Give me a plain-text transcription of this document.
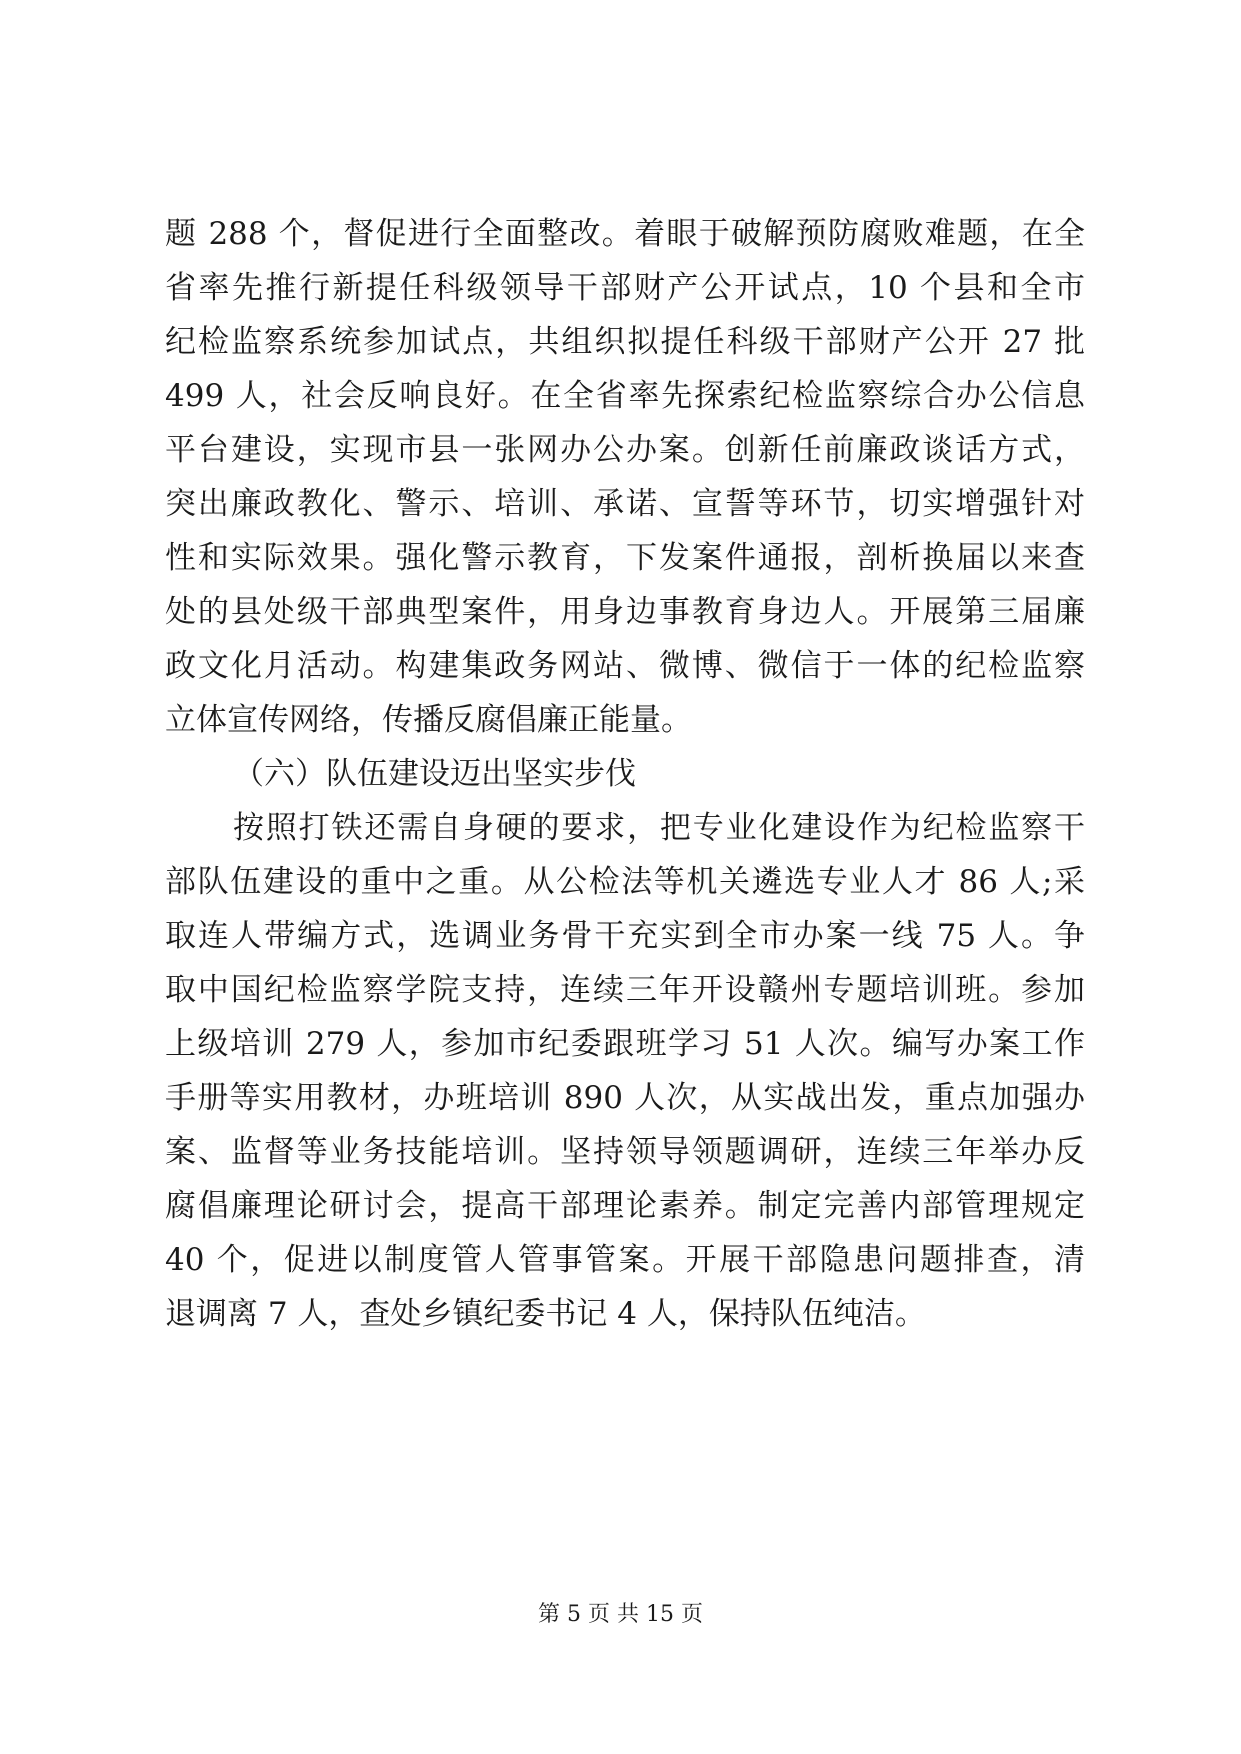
题 288 个，督促进行全面整改。着眼于破解预防腐败难题，在全
省率先推行新提任科级领导干部财产公开试点，10 个县和全市
纪检监察系统参加试点，共组织拟提任科级干部财产公开 27 批
499 人，社会反响良好。在全省率先探索纪检监察综合办公信息
平台建设，实现市县一张网办公办案。创新任前廉政谈话方式，
突出廉政教化、警示、培训、承诺、宣誓等环节，切实增强针对
性和实际效果。强化警示教育，下发案件通报，剖析换届以来查
处的县处级干部典型案件，用身边事教育身边人。开展第三届廉
政文化月活动。构建集政务网站、微博、微信于一体的纪检监察
立体宣传网络，传播反腐倡廉正能量。
（六）队伍建设迈出坚实步伐
按照打铁还需自身硬的要求，把专业化建设作为纪检监察干
部队伍建设的重中之重。从公检法等机关遴选专业人才 86 人;采
取连人带编方式，选调业务骨干充实到全市办案一线 75 人。争
取中国纪检监察学院支持，连续三年开设赣州专题培训班。参加
上级培训 279 人，参加市纪委跟班学习 51 人次。编写办案工作
手册等实用教材，办班培训 890 人次，从实战出发，重点加强办
案、监督等业务技能培训。坚持领导领题调研，连续三年举办反
腐倡廉理论研讨会，提高干部理论素养。制定完善内部管理规定
40 个，促进以制度管人管事管案。开展干部隐患问题排查，清
退调离 7 人，查处乡镇纪委书记 4 人，保持队伍纯洁。
第 5 页 共 15 页
